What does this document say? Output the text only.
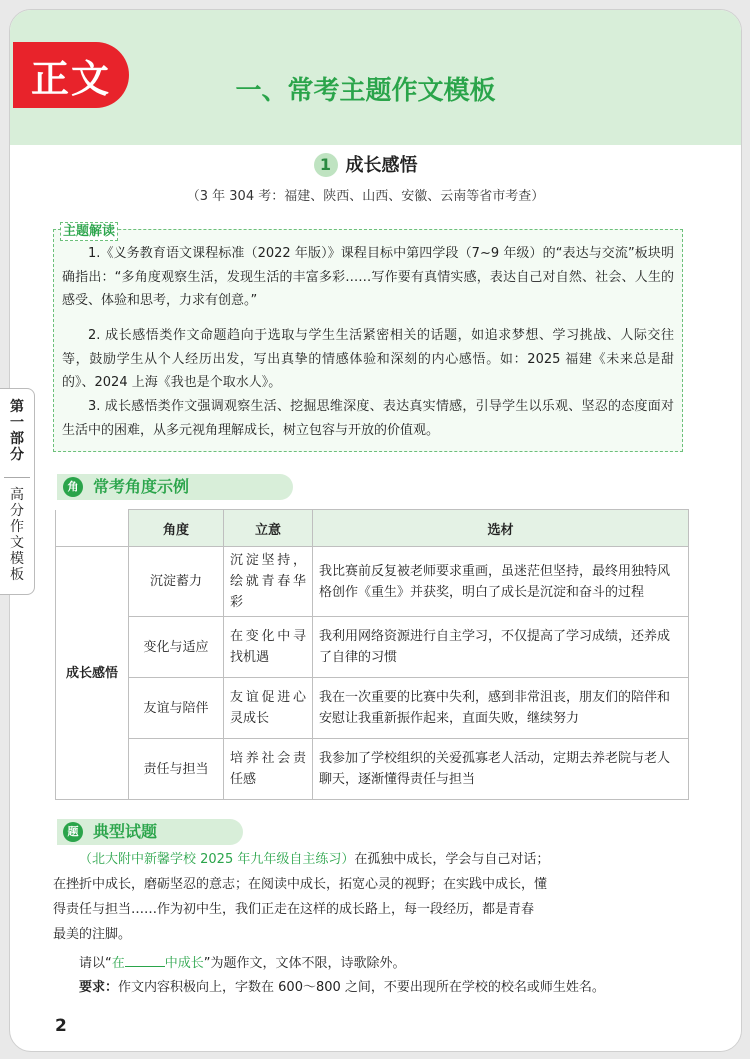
正文	一、常考主题作文模板
1 成长感悟
（3 年 304 考：福建、陕西、山西、安徽、云南等省市考查）
主题解读

1.《义务教育语文课程标准（2022 年版）》课程目标中第四学段（7~9 年级）的“表达与交流”板块明确指出：“多角度观察生活，发现生活的丰富多彩……写作要有真情实感，表达自己对自然、社会、人生的感受、体验和思考，力求有创意。”

2. 成长感悟类作文命题趋向于选取与学生生活紧密相关的话题，如追求梦想、学习挑战、人际交往等，鼓励学生从个人经历出发，写出真挚的情感体验和深刻的内心感悟。如：2025 福建《未来总是甜的》、2024 上海《我也是个取水人》。

3. 成长感悟类作文强调观察生活、挖掘思维深度、表达真实情感，引导学生以乐观、坚忍的态度面对生活中的困难，从多元视角理解成长，树立包容与开放的价值观。

第一部分
高分作文模板
角 常考角度示例
	角度	立意	选材
成长感悟	沉淀蓄力	沉淀坚持，绘就青春华彩	我比赛前反复被老师要求重画，虽迷茫但坚持，最终用独特风格创作《重生》并获奖，明白了成长是沉淀和奋斗的过程
	变化与适应	在变化中寻找机遇	我利用网络资源进行自主学习，不仅提高了学习成绩，还养成了自律的习惯
	友谊与陪伴	友谊促进心灵成长	我在一次重要的比赛中失利，感到非常沮丧，朋友们的陪伴和安慰让我重新振作起来，直面失败，继续努力
	责任与担当	培养社会责任感	我参加了学校组织的关爱孤寡老人活动，定期去养老院与老人聊天，逐渐懂得责任与担当
题 典型试题
（北大附中新馨学校 2025 年九年级自主练习）在孤独中成长，学会与自己对话；
在挫折中成长，磨砺坚忍的意志；在阅读中成长，拓宽心灵的视野；在实践中成长，懂
得责任与担当……作为初中生，我们正走在这样的成长路上，每一段经历，都是青春
最美的注脚。
请以“在	中成长”为题作文，文体不限，诗歌除外。
要求：作文内容积极向上，字数在 600～800 之间，不要出现所在学校的校名或师生姓名。
2
